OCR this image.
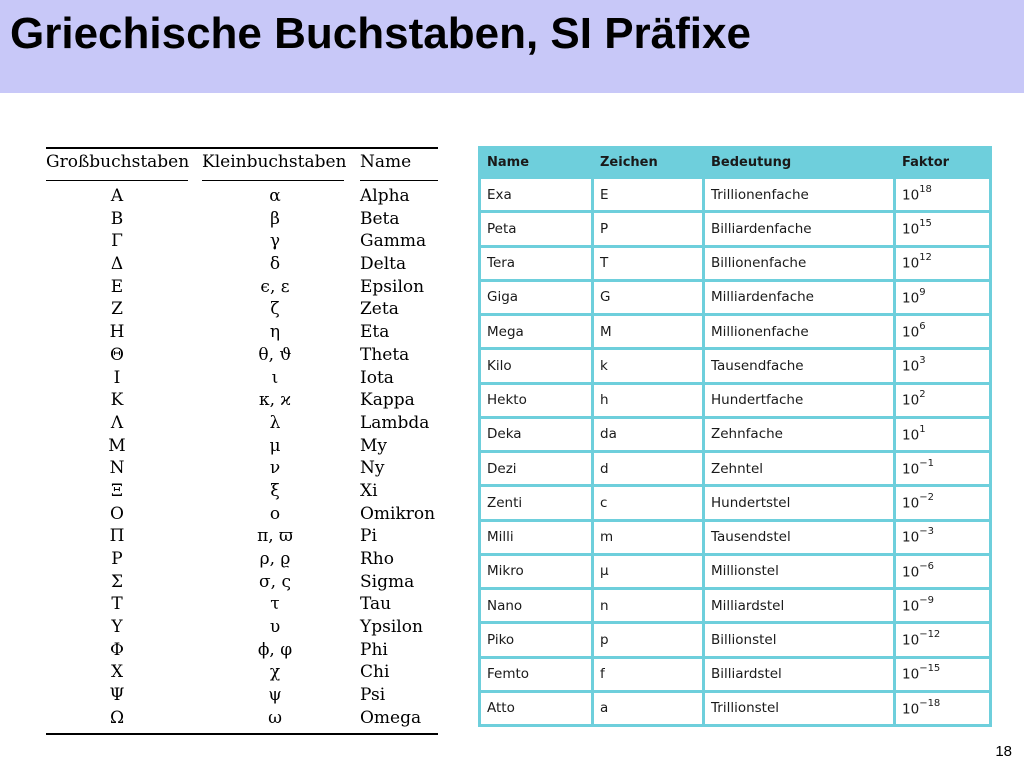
Griechische Buchstaben, SI Präfixe
Großbuchstaben Kleinbuchstaben Name
Α	α	Alpha
Β	β	Beta
Γ	γ	Gamma
Δ	δ	Delta
Ε	ϵ, ε	Epsilon
Ζ	ζ	Zeta
Η	η	Eta
Θ	θ, ϑ	Theta
Ι	ι	Iota
Κ	κ, ϰ	Kappa
Λ	λ	Lambda
Μ	μ	My
Ν	ν	Ny
Ξ	ξ	Xi
Ο	ο	Omikron
Π	π, ϖ	Pi
Ρ	ρ, ϱ	Rho
Σ	σ, ς	Sigma
Τ	τ	Tau
Υ	υ	Ypsilon
Φ	ϕ, φ	Phi
Χ	χ	Chi
Ψ	ψ	Psi
Ω	ω	Omega
Name	Zeichen	Bedeutung	Faktor
Exa	E	Trillionenfache	$10^{18}$
Peta	P	Billiardenfache	$10^{15}$
Tera	T	Billionenfache	$10^{12}$
Giga	G	Milliardenfache	$10^9$
Mega	M	Millionenfache	$10^6$
Kilo	k	Tausendfache	$10^3$
Hekto	h	Hundertfache	$10^2$
Deka	da	Zehnfache	$10^1$
Dezi	d	Zehntel	$10^{-1}$
Zenti	c	Hundertstel	$10^{-2}$
Milli	m	Tausendstel	$10^{-3}$
Mikro	μ	Millionstel	$10^{-6}$
Nano	n	Milliardstel	$10^{-9}$
Piko	p	Billionstel	$10^{-12}$
Femto	f	Billiardstel	$10^{-15}$
Atto	a	Trillionstel	$10^{-18}$
18
